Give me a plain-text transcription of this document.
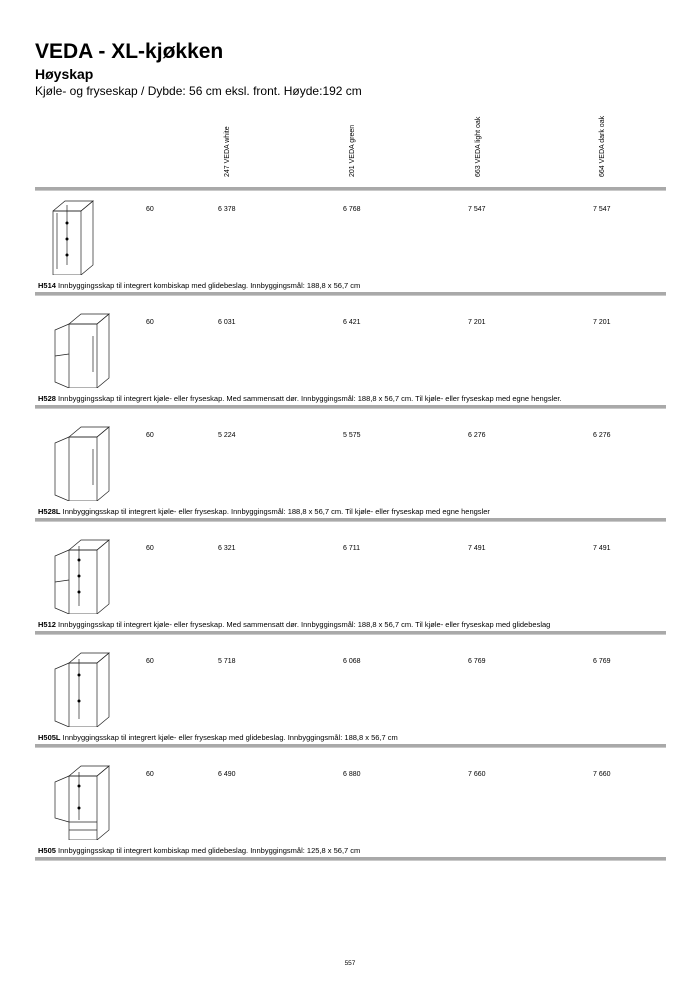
VEDA - XL-kjøkken
Høyskap

Kjøle- og fryseskap / Dybde: 56 cm eksl. front. Høyde:192 cm

247 VEDA white	201 VEDA green	663 VEDA light oak	664 VEDA dark oak
60	6 378	6 768	7 547	7 547
H514 Innbyggingsskap til integrert kombiskap med glidebeslag. Innbyggingsmål: 188,8 x 56,7 cm
60	6 031	6 421	7 201	7 201
H528 Innbyggingsskap til integrert kjøle- eller fryseskap. Med sammensatt dør. Innbyggingsmål: 188,8 x 56,7 cm. Til kjøle- eller fryseskap med egne hengsler.
60	5 224	5 575	6 276	6 276
H528L Innbyggingsskap til integrert kjøle- eller fryseskap. Innbyggingsmål: 188,8 x 56,7 cm. Til kjøle- eller fryseskap med egne hengsler
60	6 321	6 711	7 491	7 491
H512 Innbyggingsskap til integrert kjøle- eller fryseskap. Med sammensatt dør. Innbyggingsmål: 188,8 x 56,7 cm. Til kjøle- eller fryseskap med glidebeslag
60	5 718	6 068	6 769	6 769
H505L Innbyggingsskap til integrert kjøle- eller fryseskap med glidebeslag. Innbyggingsmål: 188,8 x 56,7 cm
60	6 490	6 880	7 660	7 660
H505 Innbyggingsskap til integrert kombiskap med glidebeslag. Innbyggingsmål: 125,8 x 56,7 cm
557
